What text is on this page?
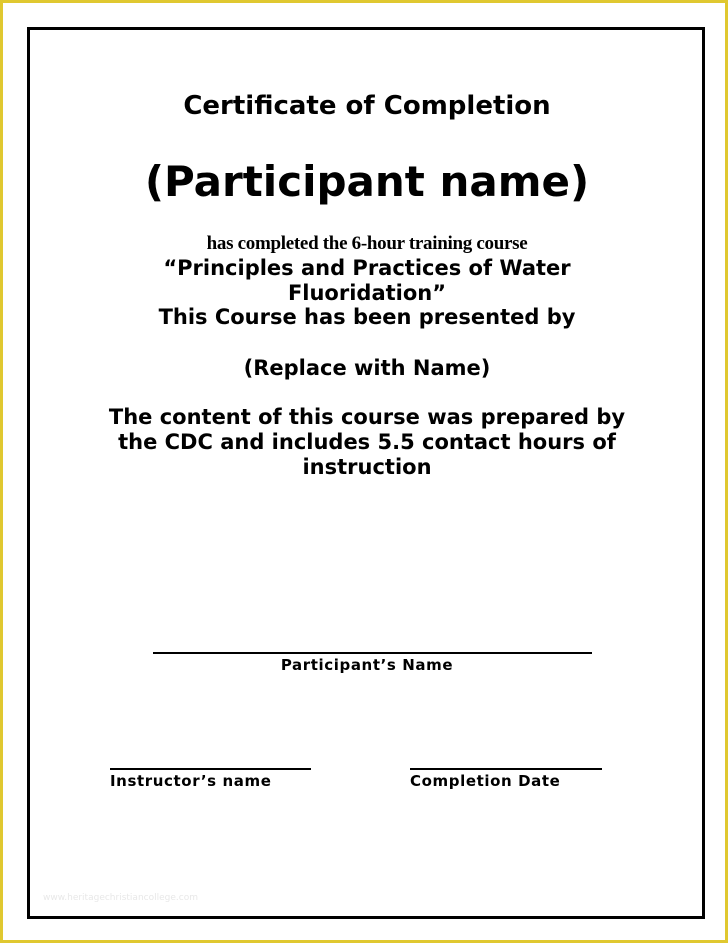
Certificate of Completion
(Participant name)
has completed the 6-hour training course
“Principles and Practices of Water Fluoridation”
This Course has been presented by
(Replace with Name)
The content of this course was prepared by the CDC and includes 5.5 contact hours of instruction
Participant’s Name
Instructor’s name	Completion Date
www.heritagechristiancollege.com
